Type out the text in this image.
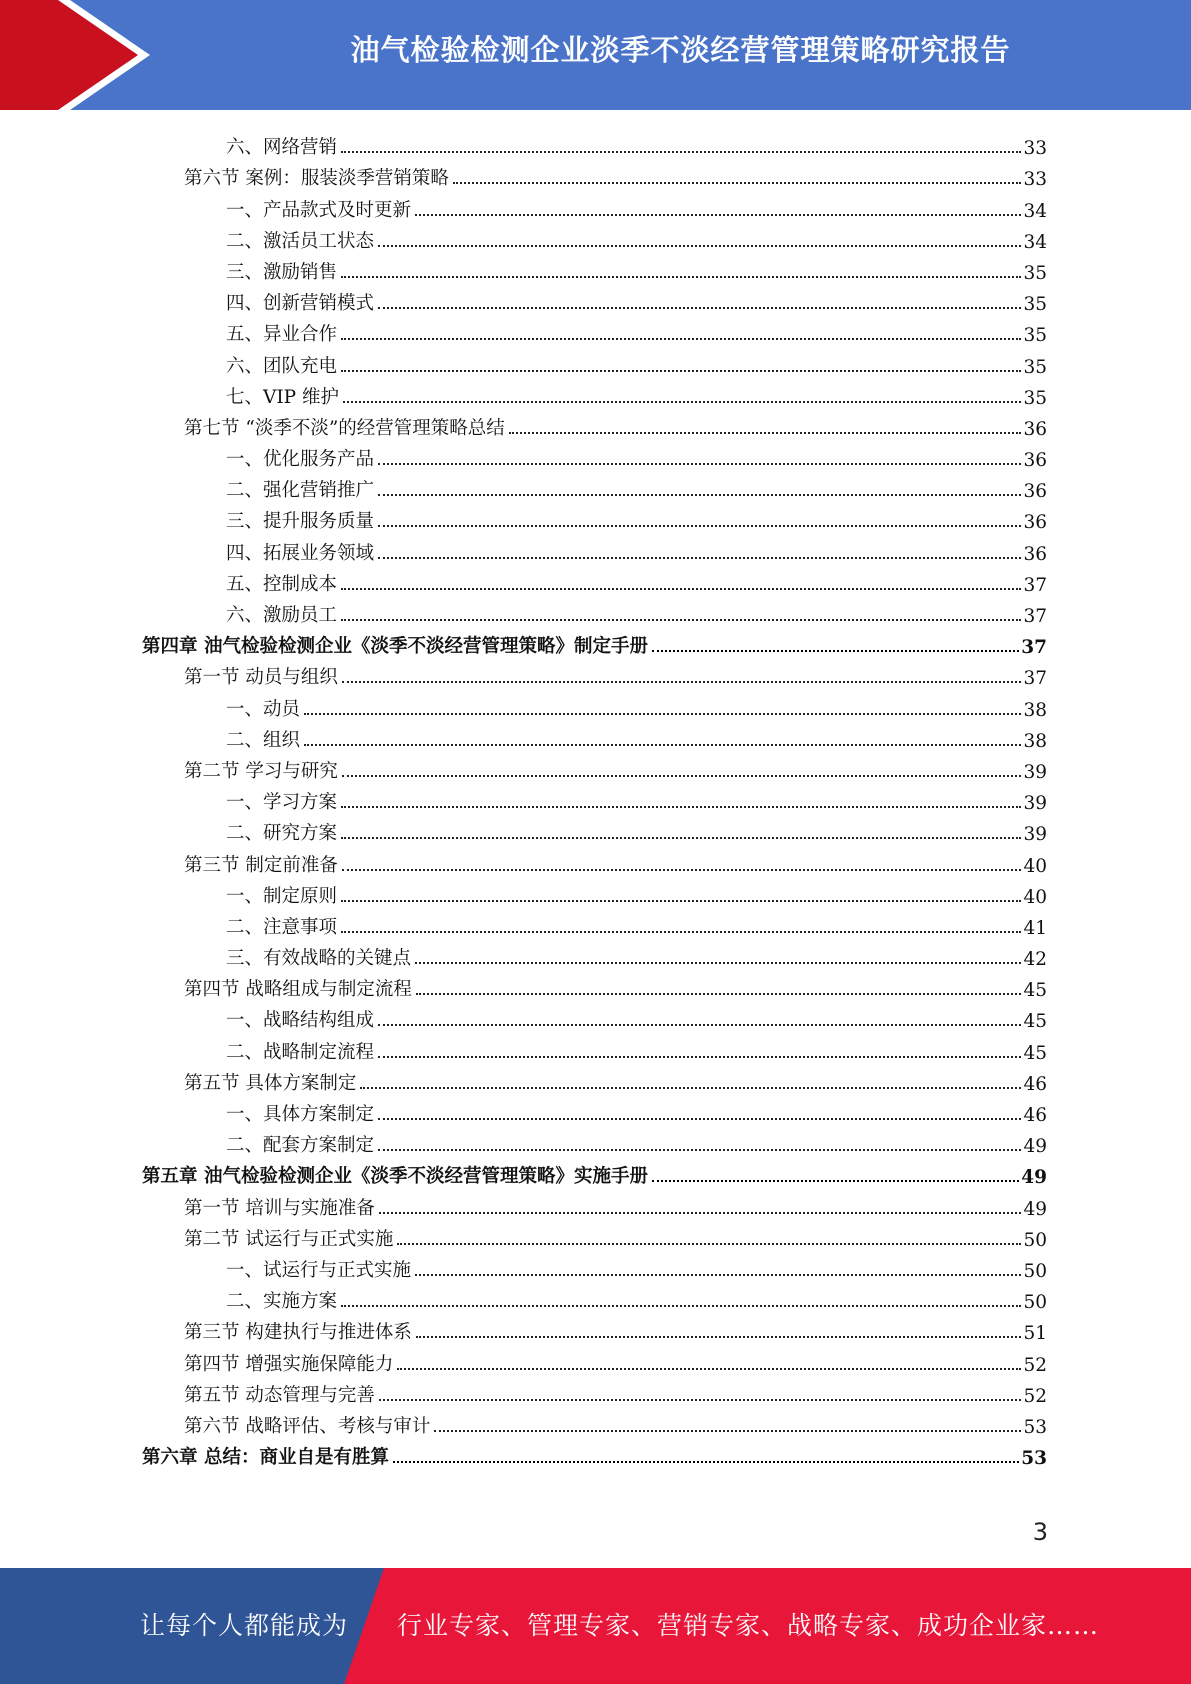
油气检验检测企业淡季不淡经营管理策略研究报告
六、网络营销	33
第六节 案例：服装淡季营销策略	33
一、产品款式及时更新	34
二、激活员工状态	34
三、激励销售	35
四、创新营销模式	35
五、异业合作	35
六、团队充电	35
七、VIP 维护	35
第七节 “淡季不淡”的经营管理策略总结	36
一、优化服务产品	36
二、强化营销推广	36
三、提升服务质量	36
四、拓展业务领域	36
五、控制成本	37
六、激励员工	37
第四章 油气检验检测企业《淡季不淡经营管理策略》制定手册	37
第一节 动员与组织	37
一、动员	38
二、组织	38
第二节 学习与研究	39
一、学习方案	39
二、研究方案	39
第三节 制定前准备	40
一、制定原则	40
二、注意事项	41
三、有效战略的关键点	42
第四节 战略组成与制定流程	45
一、战略结构组成	45
二、战略制定流程	45
第五节 具体方案制定	46
一、具体方案制定	46
二、配套方案制定	49
第五章 油气检验检测企业《淡季不淡经营管理策略》实施手册	49
第一节 培训与实施准备	49
第二节 试运行与正式实施	50
一、试运行与正式实施	50
二、实施方案	50
第三节 构建执行与推进体系	51
第四节 增强实施保障能力	52
第五节 动态管理与完善	52
第六节 战略评估、考核与审计	53
第六章 总结：商业自是有胜算	53
3
让每个人都能成为 行业专家、管理专家、营销专家、战略专家、成功企业家……
